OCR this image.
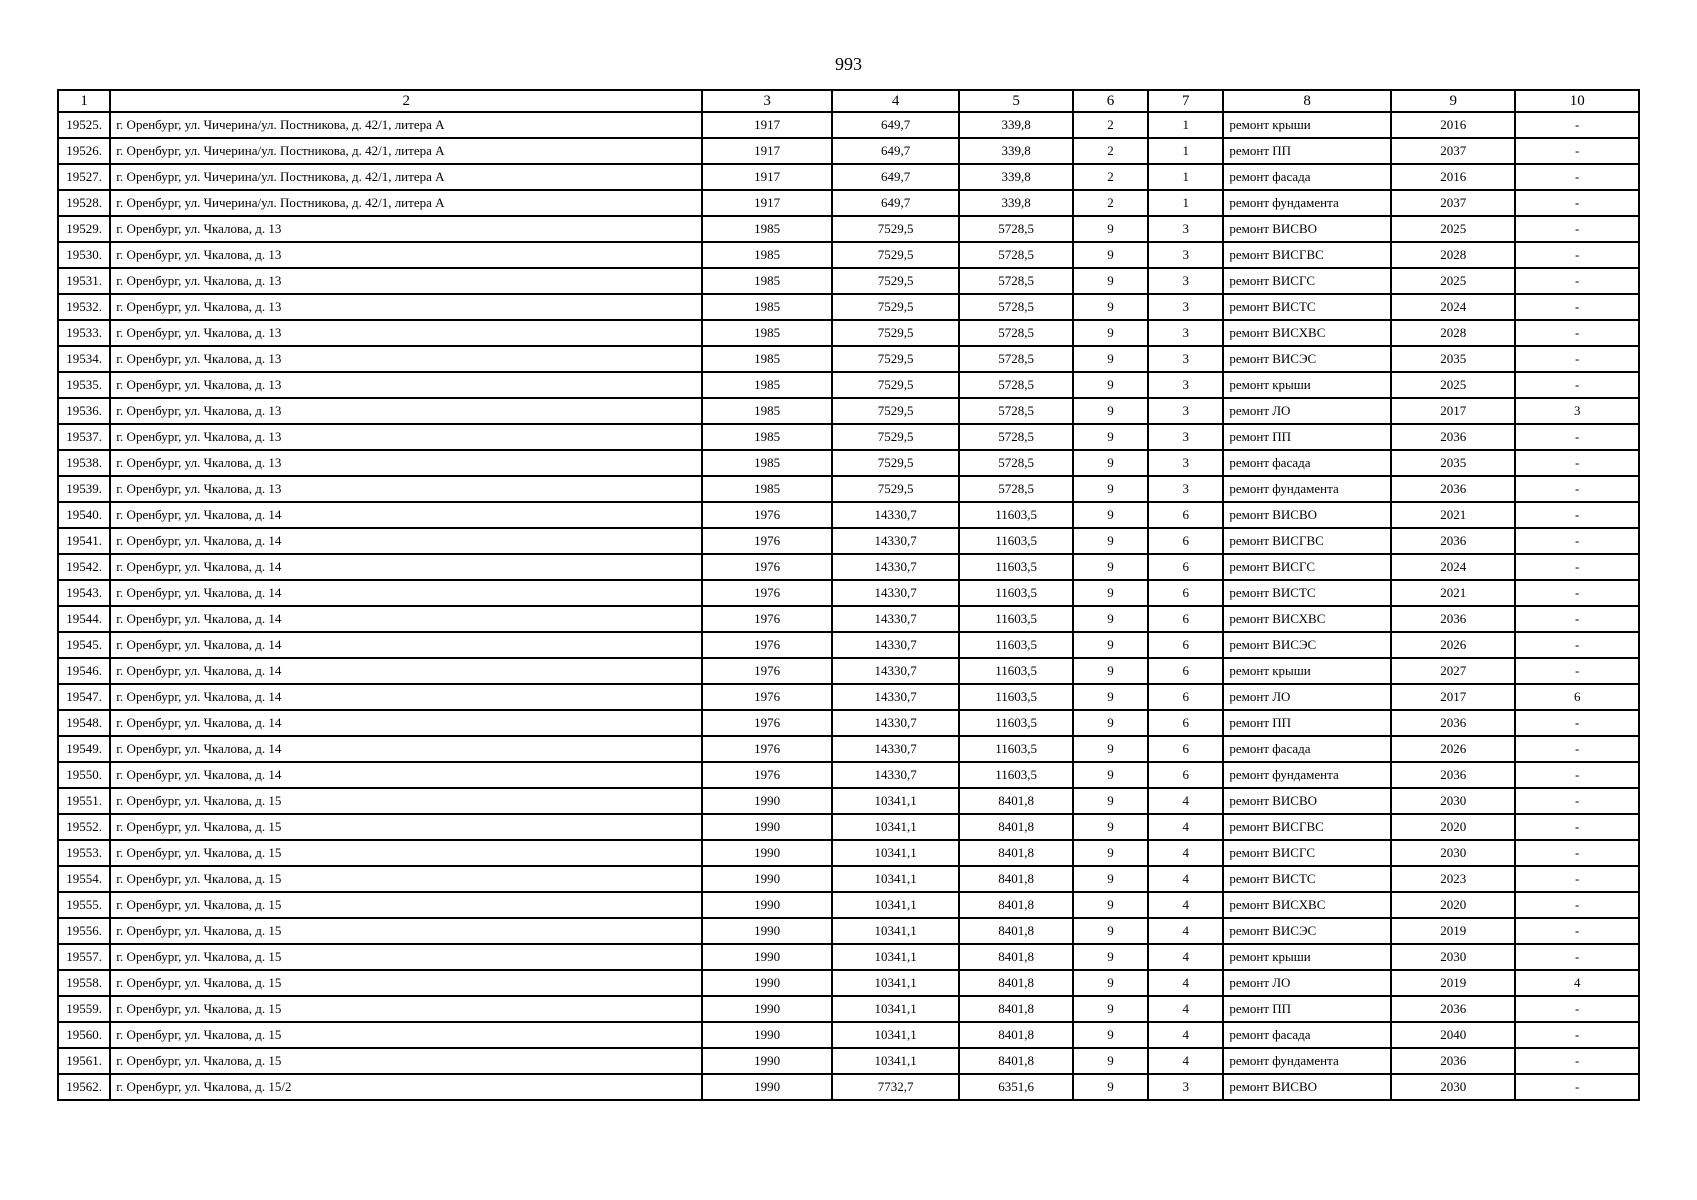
993
1	2	3	4	5	6	7	8	9	10
19525.	г. Оренбург, ул. Чичерина/ул. Постникова, д. 42/1, литера А	1917	649,7	339,8	2	1	ремонт крыши	2016	-
19526.	г. Оренбург, ул. Чичерина/ул. Постникова, д. 42/1, литера А	1917	649,7	339,8	2	1	ремонт ПП	2037	-
19527.	г. Оренбург, ул. Чичерина/ул. Постникова, д. 42/1, литера А	1917	649,7	339,8	2	1	ремонт фасада	2016	-
19528.	г. Оренбург, ул. Чичерина/ул. Постникова, д. 42/1, литера А	1917	649,7	339,8	2	1	ремонт фундамента	2037	-
19529.	г. Оренбург, ул. Чкалова, д. 13	1985	7529,5	5728,5	9	3	ремонт ВИСВО	2025	-
19530.	г. Оренбург, ул. Чкалова, д. 13	1985	7529,5	5728,5	9	3	ремонт ВИСГВС	2028	-
19531.	г. Оренбург, ул. Чкалова, д. 13	1985	7529,5	5728,5	9	3	ремонт ВИСГС	2025	-
19532.	г. Оренбург, ул. Чкалова, д. 13	1985	7529,5	5728,5	9	3	ремонт ВИСТС	2024	-
19533.	г. Оренбург, ул. Чкалова, д. 13	1985	7529,5	5728,5	9	3	ремонт ВИСХВС	2028	-
19534.	г. Оренбург, ул. Чкалова, д. 13	1985	7529,5	5728,5	9	3	ремонт ВИСЭС	2035	-
19535.	г. Оренбург, ул. Чкалова, д. 13	1985	7529,5	5728,5	9	3	ремонт крыши	2025	-
19536.	г. Оренбург, ул. Чкалова, д. 13	1985	7529,5	5728,5	9	3	ремонт ЛО	2017	3
19537.	г. Оренбург, ул. Чкалова, д. 13	1985	7529,5	5728,5	9	3	ремонт ПП	2036	-
19538.	г. Оренбург, ул. Чкалова, д. 13	1985	7529,5	5728,5	9	3	ремонт фасада	2035	-
19539.	г. Оренбург, ул. Чкалова, д. 13	1985	7529,5	5728,5	9	3	ремонт фундамента	2036	-
19540.	г. Оренбург, ул. Чкалова, д. 14	1976	14330,7	11603,5	9	6	ремонт ВИСВО	2021	-
19541.	г. Оренбург, ул. Чкалова, д. 14	1976	14330,7	11603,5	9	6	ремонт ВИСГВС	2036	-
19542.	г. Оренбург, ул. Чкалова, д. 14	1976	14330,7	11603,5	9	6	ремонт ВИСГС	2024	-
19543.	г. Оренбург, ул. Чкалова, д. 14	1976	14330,7	11603,5	9	6	ремонт ВИСТС	2021	-
19544.	г. Оренбург, ул. Чкалова, д. 14	1976	14330,7	11603,5	9	6	ремонт ВИСХВС	2036	-
19545.	г. Оренбург, ул. Чкалова, д. 14	1976	14330,7	11603,5	9	6	ремонт ВИСЭС	2026	-
19546.	г. Оренбург, ул. Чкалова, д. 14	1976	14330,7	11603,5	9	6	ремонт крыши	2027	-
19547.	г. Оренбург, ул. Чкалова, д. 14	1976	14330,7	11603,5	9	6	ремонт ЛО	2017	6
19548.	г. Оренбург, ул. Чкалова, д. 14	1976	14330,7	11603,5	9	6	ремонт ПП	2036	-
19549.	г. Оренбург, ул. Чкалова, д. 14	1976	14330,7	11603,5	9	6	ремонт фасада	2026	-
19550.	г. Оренбург, ул. Чкалова, д. 14	1976	14330,7	11603,5	9	6	ремонт фундамента	2036	-
19551.	г. Оренбург, ул. Чкалова, д. 15	1990	10341,1	8401,8	9	4	ремонт ВИСВО	2030	-
19552.	г. Оренбург, ул. Чкалова, д. 15	1990	10341,1	8401,8	9	4	ремонт ВИСГВС	2020	-
19553.	г. Оренбург, ул. Чкалова, д. 15	1990	10341,1	8401,8	9	4	ремонт ВИСГС	2030	-
19554.	г. Оренбург, ул. Чкалова, д. 15	1990	10341,1	8401,8	9	4	ремонт ВИСТС	2023	-
19555.	г. Оренбург, ул. Чкалова, д. 15	1990	10341,1	8401,8	9	4	ремонт ВИСХВС	2020	-
19556.	г. Оренбург, ул. Чкалова, д. 15	1990	10341,1	8401,8	9	4	ремонт ВИСЭС	2019	-
19557.	г. Оренбург, ул. Чкалова, д. 15	1990	10341,1	8401,8	9	4	ремонт крыши	2030	-
19558.	г. Оренбург, ул. Чкалова, д. 15	1990	10341,1	8401,8	9	4	ремонт ЛО	2019	4
19559.	г. Оренбург, ул. Чкалова, д. 15	1990	10341,1	8401,8	9	4	ремонт ПП	2036	-
19560.	г. Оренбург, ул. Чкалова, д. 15	1990	10341,1	8401,8	9	4	ремонт фасада	2040	-
19561.	г. Оренбург, ул. Чкалова, д. 15	1990	10341,1	8401,8	9	4	ремонт фундамента	2036	-
19562.	г. Оренбург, ул. Чкалова, д. 15/2	1990	7732,7	6351,6	9	3	ремонт ВИСВО	2030	-
